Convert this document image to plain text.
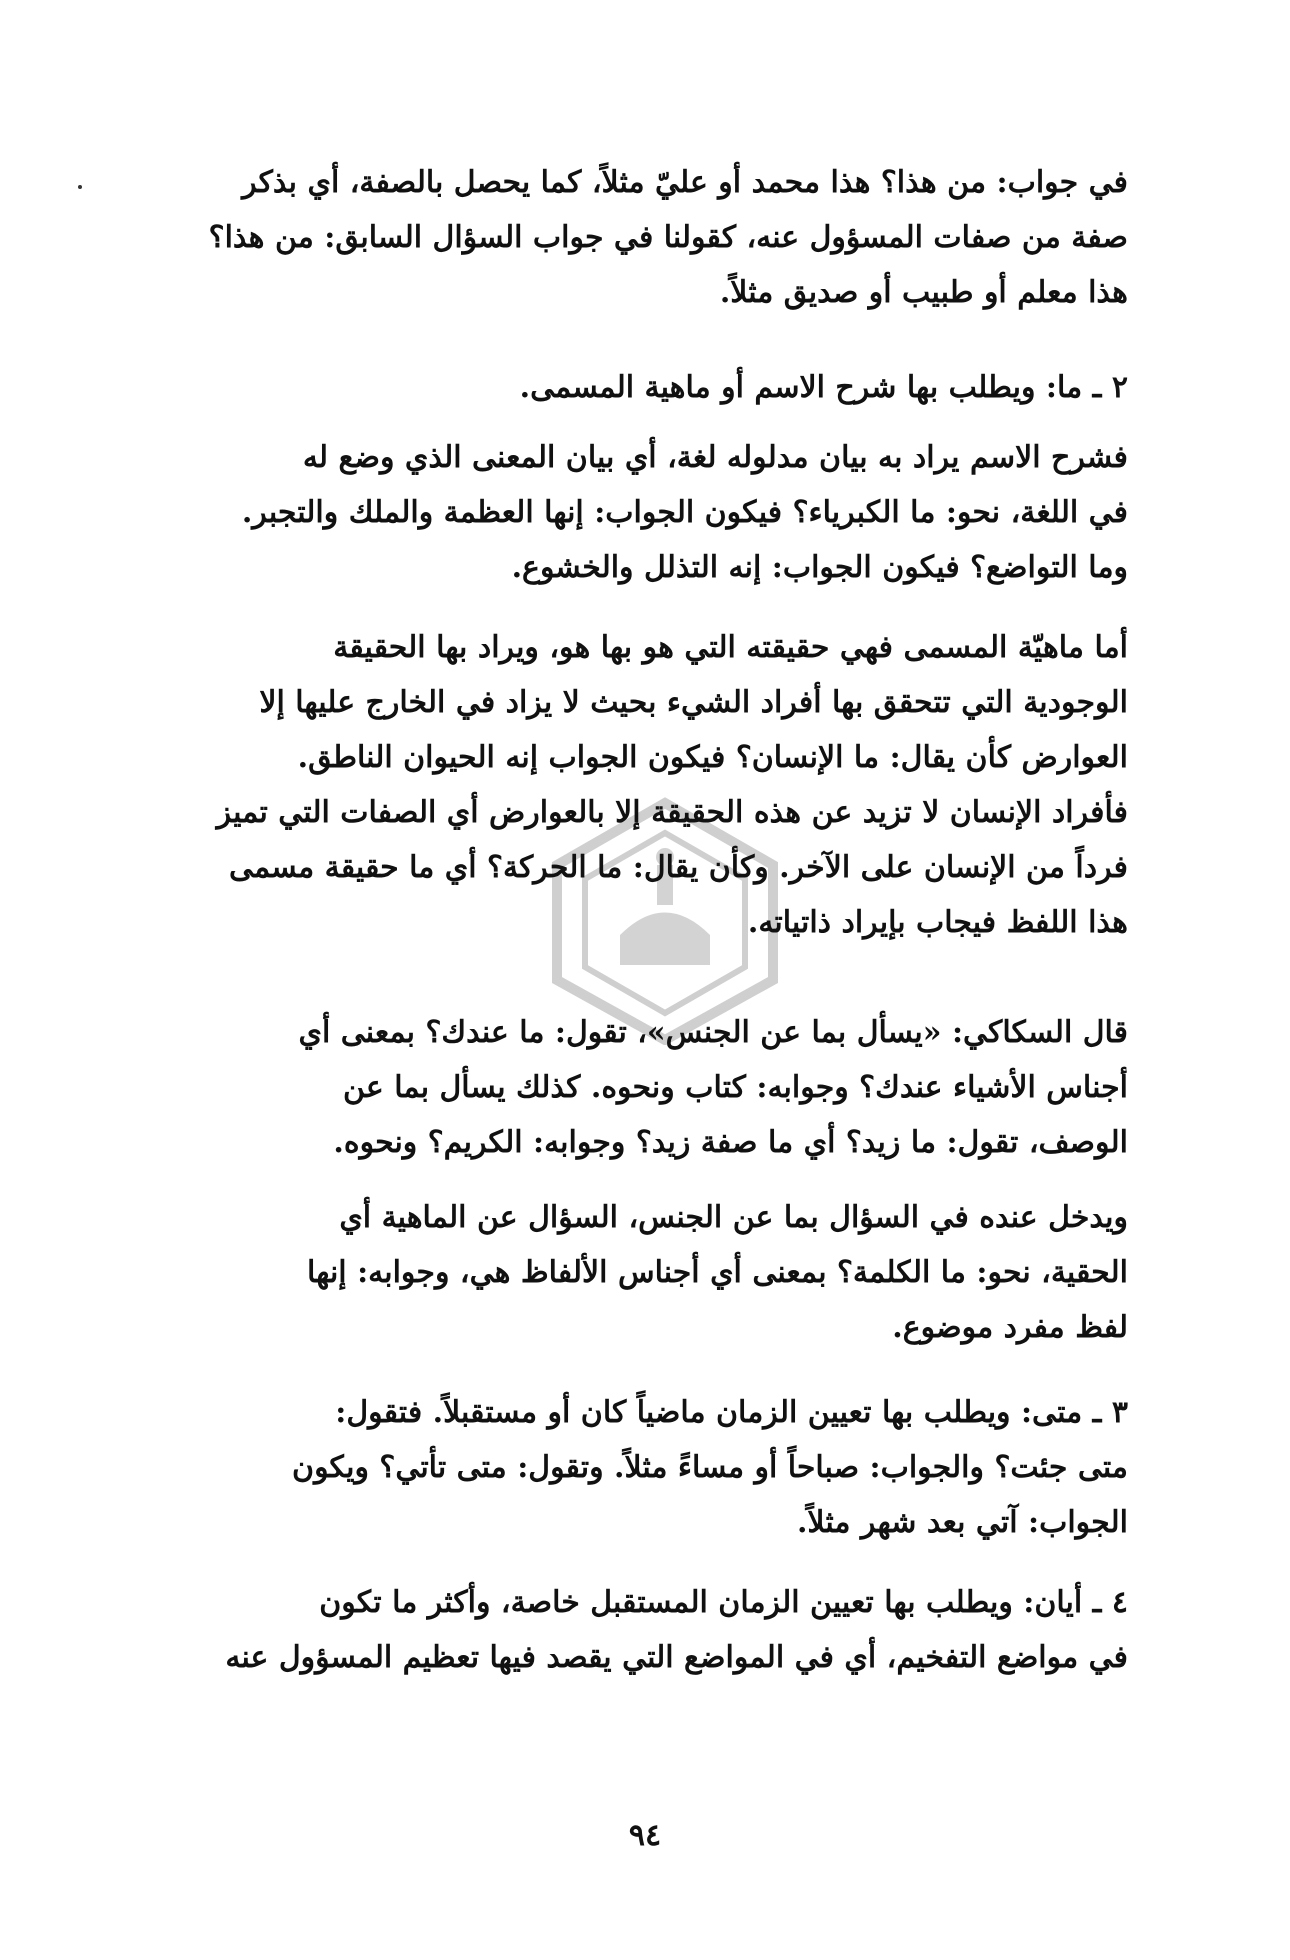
في جواب: من هذا؟ هذا محمد أو عليّ مثلاً، كما يحصل بالصفة، أي بذكر
صفة من صفات المسؤول عنه، كقولنا في جواب السؤال السابق: من هذا؟
هذا معلم أو طبيب أو صديق مثلاً.
٢ ـ ما: ويطلب بها شرح الاسم أو ماهية المسمى.
فشرح الاسم يراد به بيان مدلوله لغة، أي بيان المعنى الذي وضع له
في اللغة، نحو: ما الكبرياء؟ فيكون الجواب: إنها العظمة والملك والتجبر.
وما التواضع؟ فيكون الجواب: إنه التذلل والخشوع.
أما ماهيّة المسمى فهي حقيقته التي هو بها هو، ويراد بها الحقيقة
الوجودية التي تتحقق بها أفراد الشيء بحيث لا يزاد في الخارج عليها إلا
العوارض كأن يقال: ما الإنسان؟ فيكون الجواب إنه الحيوان الناطق.
فأفراد الإنسان لا تزيد عن هذه الحقيقة إلا بالعوارض أي الصفات التي تميز
فرداً من الإنسان على الآخر. وكأن يقال: ما الحركة؟ أي ما حقيقة مسمى
هذا اللفظ فيجاب بإيراد ذاتياته.
قال السكاكي: «يسأل بما عن الجنس»، تقول: ما عندك؟ بمعنى أي
أجناس الأشياء عندك؟ وجوابه: كتاب ونحوه. كذلك يسأل بما عن
الوصف، تقول: ما زيد؟ أي ما صفة زيد؟ وجوابه: الكريم؟ ونحوه.
ويدخل عنده في السؤال بما عن الجنس، السؤال عن الماهية أي
الحقية، نحو: ما الكلمة؟ بمعنى أي أجناس الألفاظ هي، وجوابه: إنها
لفظ مفرد موضوع.
٣ ـ متى: ويطلب بها تعيين الزمان ماضياً كان أو مستقبلاً. فتقول:
متى جئت؟ والجواب: صباحاً أو مساءً مثلاً. وتقول: متى تأتي؟ ويكون
الجواب: آتي بعد شهر مثلاً.
٤ ـ أيان: ويطلب بها تعيين الزمان المستقبل خاصة، وأكثر ما تكون
في مواضع التفخيم، أي في المواضع التي يقصد فيها تعظيم المسؤول عنه
٩٤
